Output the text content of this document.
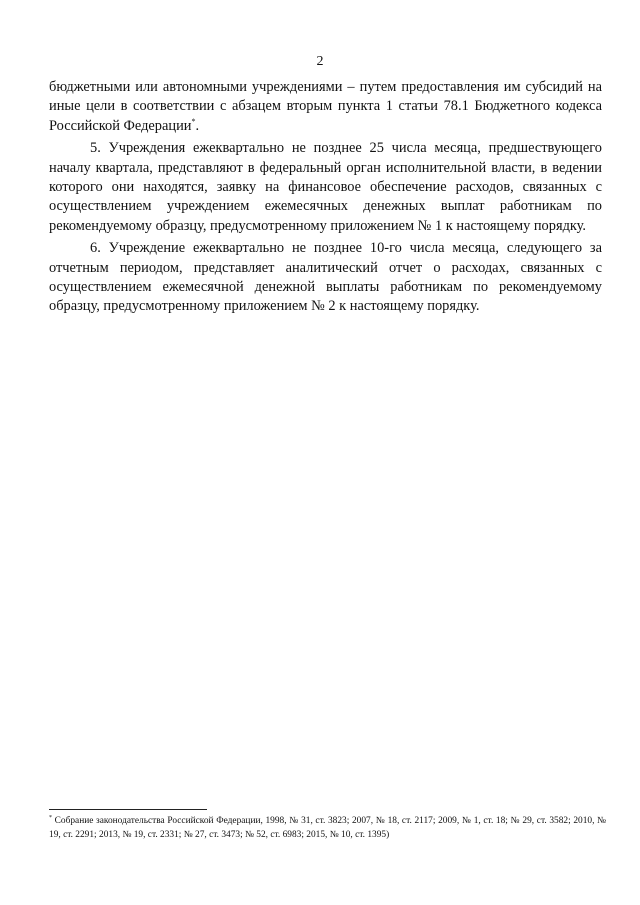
2

бюджетными или автономными учреждениями – путем предоставления им субсидий на иные цели в соответствии с абзацем вторым пункта 1 статьи 78.1 Бюджетного кодекса Российской Федерации*.

5. Учреждения ежеквартально не позднее 25 числа месяца, предшествующего началу квартала, представляют в федеральный орган исполнительной власти, в ведении которого они находятся, заявку на финансовое обеспечение расходов, связанных с осуществлением учреждением ежемесячных денежных выплат работникам по рекомендуемому образцу, предусмотренному приложением № 1 к настоящему порядку.

6. Учреждение ежеквартально не позднее 10-го числа месяца, следующего за отчетным периодом, представляет аналитический отчет о расходах, связанных с осуществлением ежемесячной денежной выплаты работникам по рекомендуемому образцу, предусмотренному приложением № 2 к настоящему порядку.

* Собрание законодательства Российской Федерации, 1998, № 31, ст. 3823; 2007, № 18, ст. 2117; 2009, № 1, ст. 18; № 29, ст. 3582; 2010, № 19, ст. 2291; 2013, № 19, ст. 2331; № 27, ст. 3473; № 52, ст. 6983; 2015, № 10, ст. 1395)
